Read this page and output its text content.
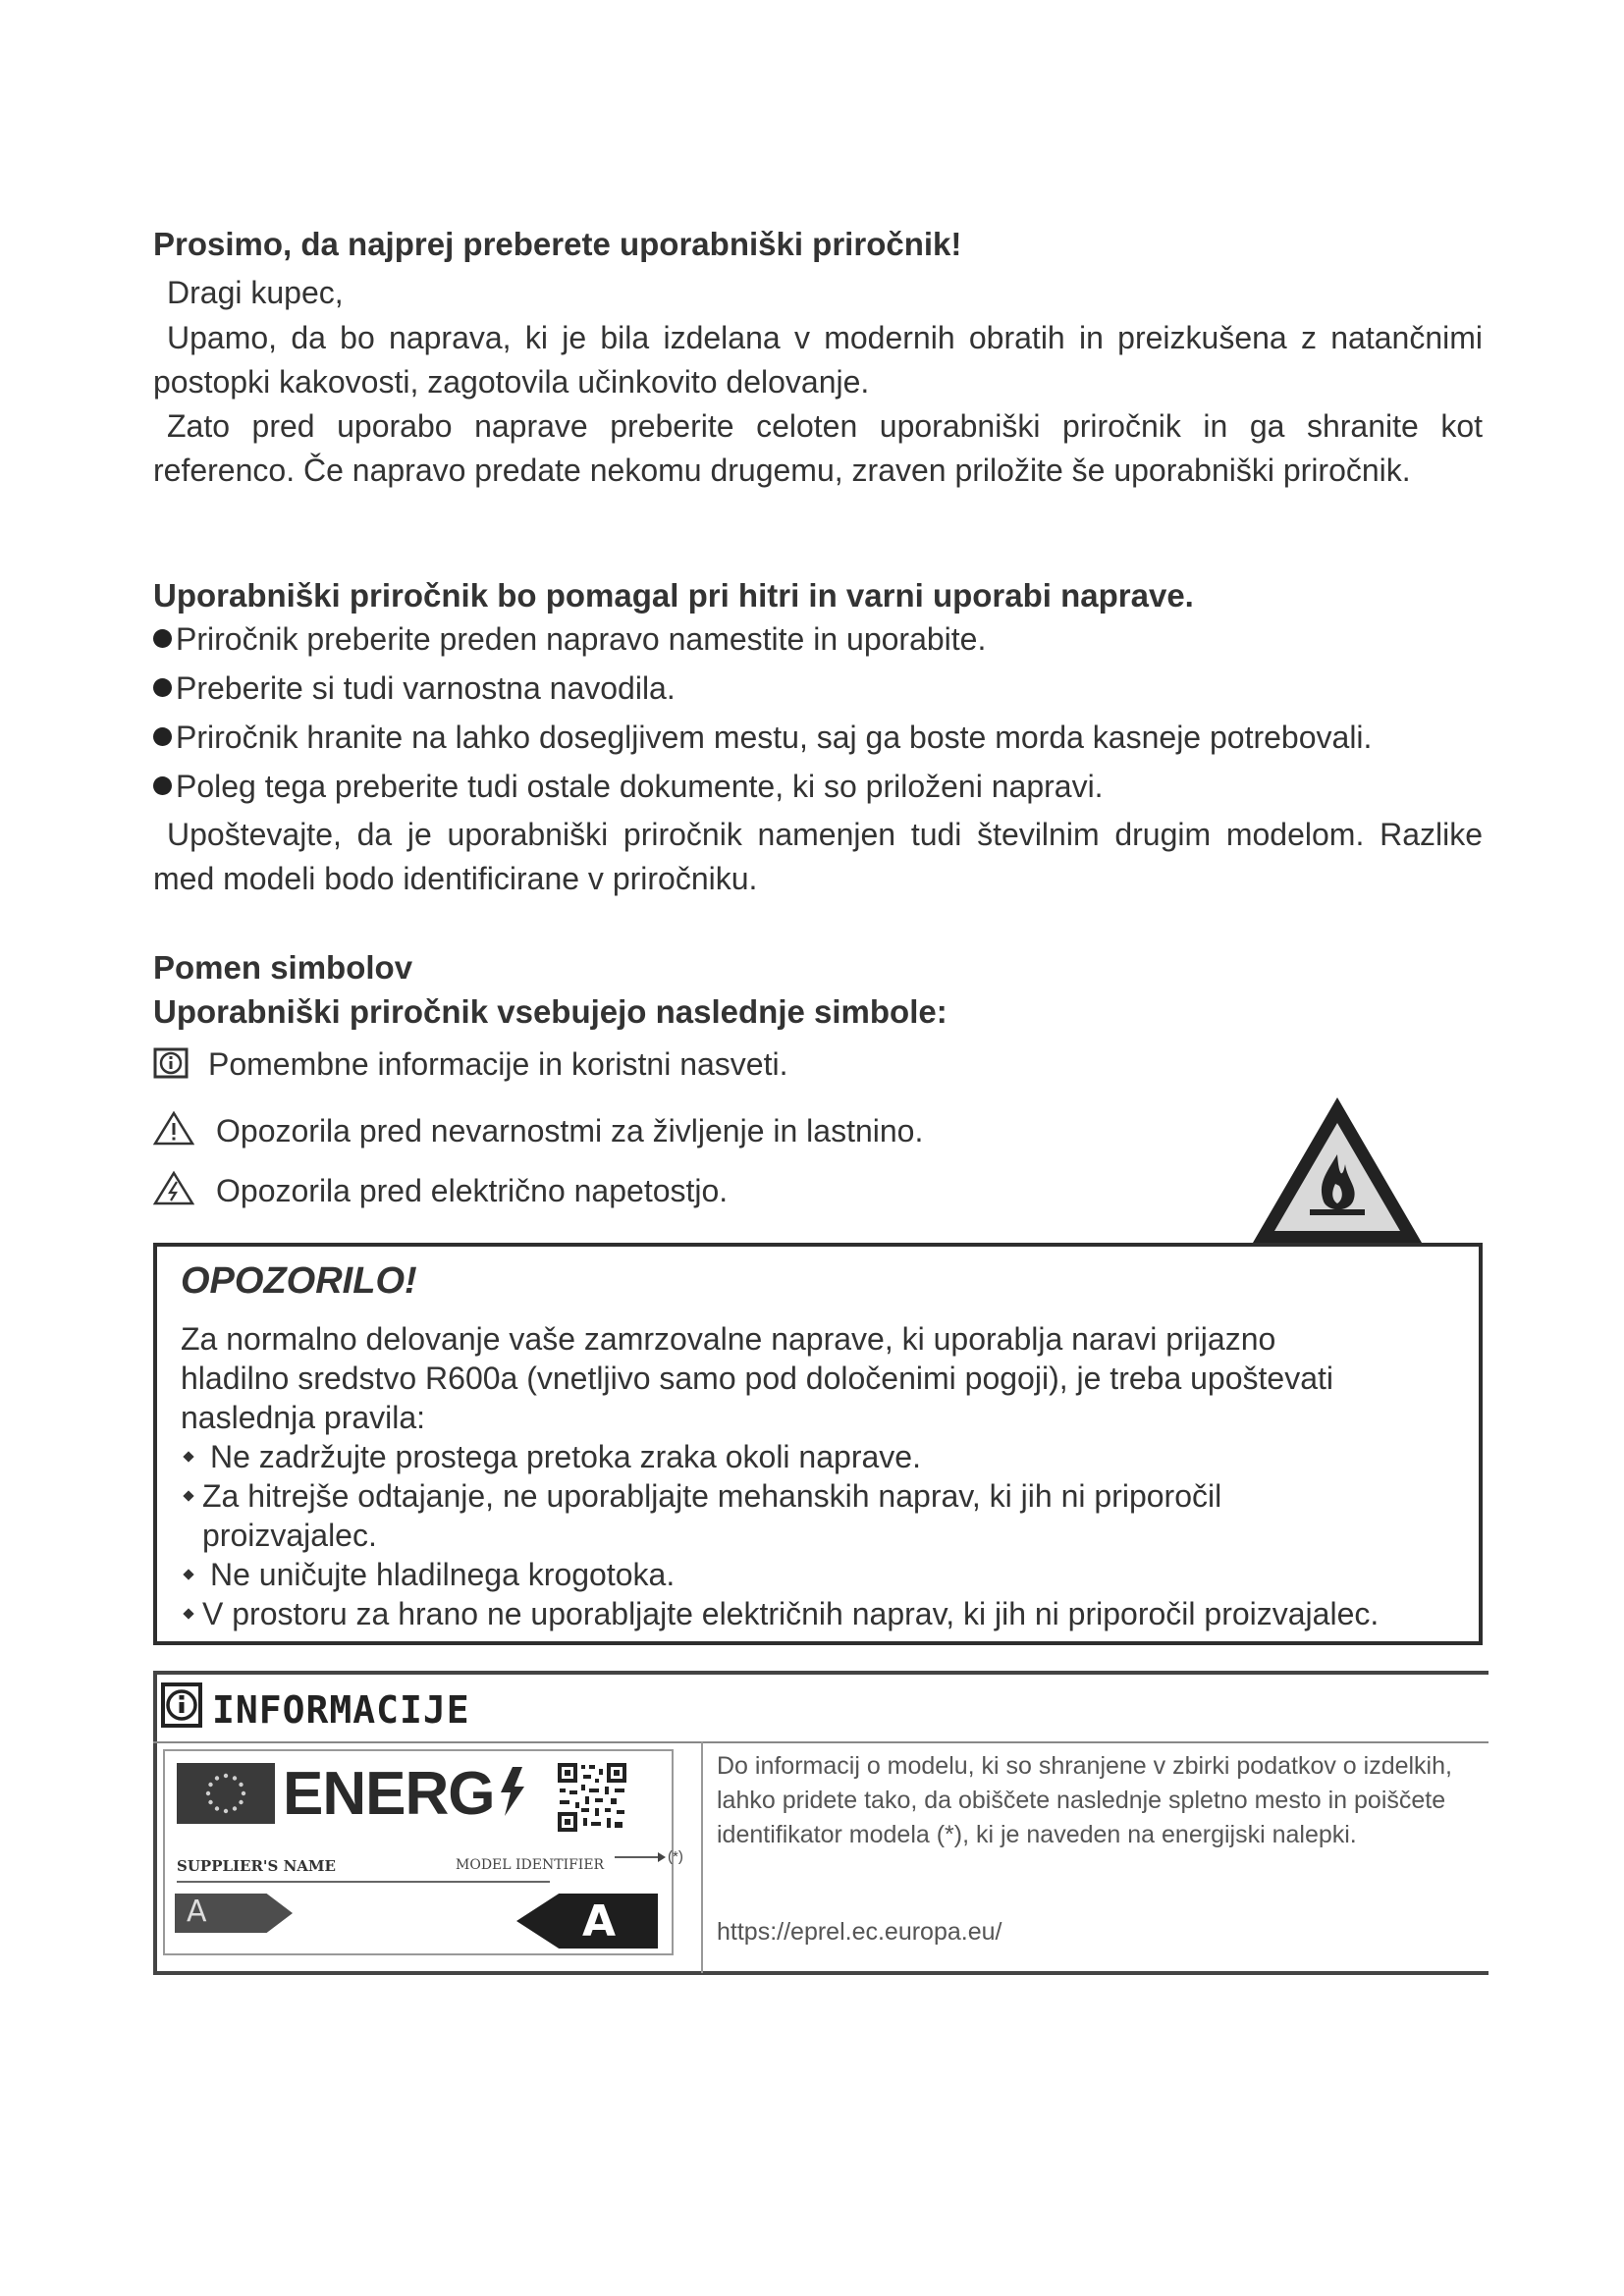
Prosimo, da najprej preberete uporabniški priročnik!
Dragi kupec,
Upamo, da bo naprava, ki je bila izdelana v modernih obratih in preizkušena z natančnimi postopki kakovosti, zagotovila učinkovito delovanje.
Zato pred uporabo naprave preberite celoten uporabniški priročnik in ga shranite kot referenco. Če napravo predate nekomu drugemu, zraven priložite še uporabniški priročnik.
Uporabniški priročnik bo pomagal pri hitri in varni uporabi naprave.
Priročnik preberite preden napravo namestite in uporabite.
Preberite si tudi varnostna navodila.
Priročnik hranite na lahko dosegljivem mestu, saj ga boste morda kasneje potrebovali.
Poleg tega preberite tudi ostale dokumente, ki so priloženi napravi.
Upoštevajte, da je uporabniški priročnik namenjen tudi številnim drugim modelom. Razlike med modeli bodo identificirane v priročniku.
Pomen simbolov
Uporabniški priročnik vsebujejo naslednje simbole:
Pomembne informacije in koristni nasveti.
Opozorila pred nevarnostmi za življenje in lastnino.
Opozorila pred električno napetostjo.
OPOZORILO!
Za normalno delovanje vaše zamrzovalne naprave, ki uporablja naravi prijazno
hladilno sredstvo R600a (vnetljivo samo pod določenimi pogoji), je treba upoštevati
naslednja pravila:
Ne zadržujte prostega pretoka zraka okoli naprave.
Za hitrejše odtajanje, ne uporabljajte mehanskih naprav, ki jih ni priporočil
proizvajalec.
Ne uničujte hladilnega krogotoka.
V prostoru za hrano ne uporabljajte električnih naprav, ki jih ni priporočil proizvajalec.
INFORMACIJE
ENERG
SUPPLIER'S NAME	MODEL IDENTIFIER
A	A
(*)
Do informacij o modelu, ki so shranjene v zbirki podatkov o izdelkih, lahko pridete tako, da obiščete naslednje spletno mesto in poiščete identifikator modela (*), ki je naveden na energijski nalepki.
https://eprel.ec.europa.eu/
